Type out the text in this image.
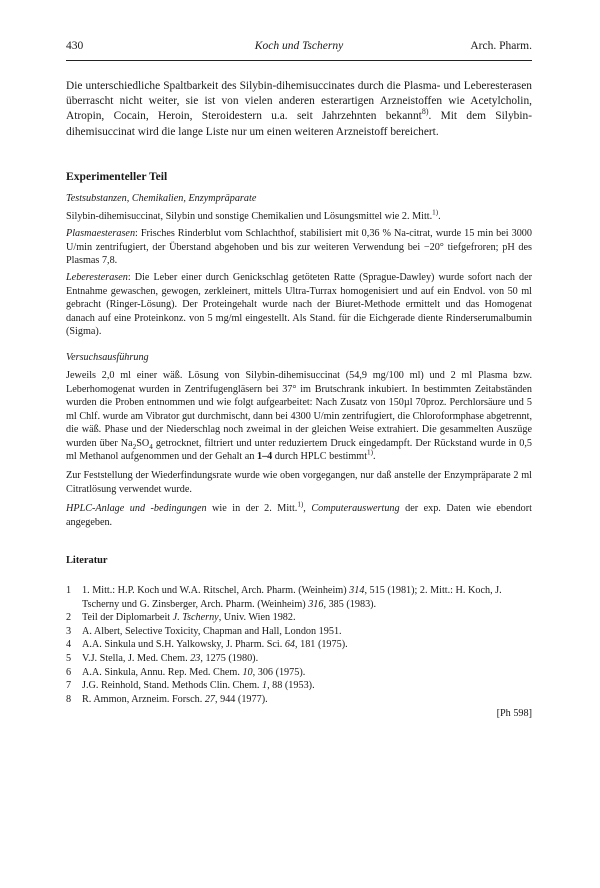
430	Koch und Tscherny	Arch. Pharm.

Die unterschiedliche Spaltbarkeit des Silybin-dihemisuccinates durch die Plasma- und Leberesterasen überrascht nicht weiter, sie ist von vielen anderen esterartigen Arzneistoffen wie Acetylcholin, Atropin, Cocain, Heroin, Steroidestern u.a. seit Jahrzehnten bekannt$^{8)}$. Mit dem Silybin-dihemisuccinat wird die lange Liste nur um einen weiteren Arzneistoff bereichert.

Experimenteller Teil
Testsubstanzen, Chemikalien, Enzympräparate

Silybin-dihemisuccinat, Silybin und sonstige Chemikalien und Lösungsmittel wie 2. Mitt.$^{1)}$.

Plasmaesterasen: Frisches Rinderblut vom Schlachthof, stabilisiert mit 0,36 % Na-citrat, wurde 15 min bei 3000 U/min zentrifugiert, der Überstand abgehoben und bis zur weiteren Verwendung bei −20° tiefgefroren; pH des Plasmas 7,8.

Leberesterasen: Die Leber einer durch Genickschlag getöteten Ratte (Sprague-Dawley) wurde sofort nach der Entnahme gewaschen, gewogen, zerkleinert, mittels Ultra-Turrax homogenisiert und auf ein Endvol. von 50 ml gebracht (Ringer-Lösung). Der Proteingehalt wurde nach der Biuret-Methode ermittelt und das Homogenat danach auf eine Proteinkonz. von 5 mg/ml eingestellt. Als Stand. für die Eichgerade diente Rinderserumalbumin (Sigma).

Versuchsausführung

Jeweils 2,0 ml einer wäß. Lösung von Silybin-dihemisuccinat (54,9 mg/100 ml) und 2 ml Plasma bzw. Leberhomogenat wurden in Zentrifugengläsern bei 37° im Brutschrank inkubiert. In bestimmten Zeitabständen wurden die Proben entnommen und wie folgt aufgearbeitet: Nach Zusatz von 150µl 70proz. Perchlorsäure und 5 ml Chlf. wurde am Vibrator gut durchmischt, dann bei 4300 U/min zentrifugiert, die Chloroformphase abgetrennt, die wäß. Phase und der Niederschlag noch zweimal in der gleichen Weise extrahiert. Die gesammelten Auszüge wurden über $Na_2SO_4$ getrocknet, filtriert und unter reduziertem Druck eingedampft. Der Rückstand wurde in 0,5 ml Methanol aufgenommen und der Gehalt an 1–4 durch HPLC bestimmt$^{1)}$.

Zur Feststellung der Wiederfindungsrate wurde wie oben vorgegangen, nur daß anstelle der Enzympräparate 2 ml Citratlösung verwendet wurde.

HPLC-Anlage und -bedingungen wie in der 2. Mitt.$^{1)}$, Computerauswertung der exp. Daten wie ebendort angegeben.

Literatur
1	1. Mitt.: H.P. Koch und W.A. Ritschel, Arch. Pharm. (Weinheim) 314, 515 (1981); 2. Mitt.: H. Koch, J. Tscherny und G. Zinsberger, Arch. Pharm. (Weinheim) 316, 385 (1983).
2	Teil der Diplomarbeit J. Tscherny, Univ. Wien 1982.
3	A. Albert, Selective Toxicity, Chapman and Hall, London 1951.
4	A.A. Sinkula und S.H. Yalkowsky, J. Pharm. Sci. 64, 181 (1975).
5	V.J. Stella, J. Med. Chem. 23, 1275 (1980).
6	A.A. Sinkula, Annu. Rep. Med. Chem. 10, 306 (1975).
7	J.G. Reinhold, Stand. Methods Clin. Chem. 1, 88 (1953).
8	R. Ammon, Arzneim. Forsch. 27, 944 (1977).
[Ph 598]
